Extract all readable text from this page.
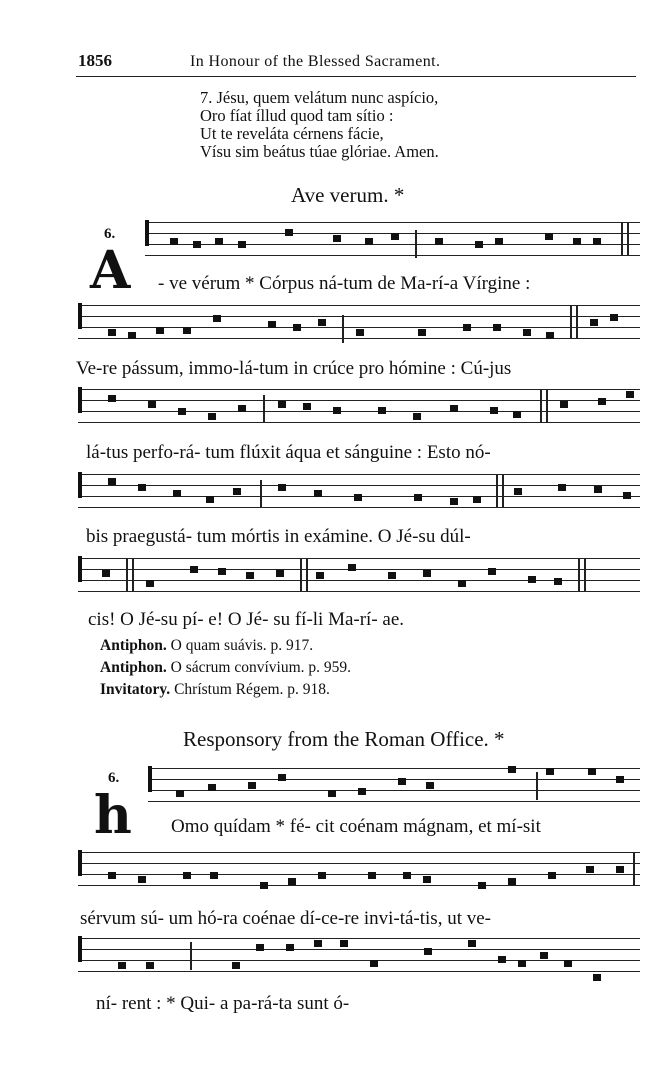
1856	In Honour of the Blessed Sacrament.
7. Jésu, quem velátum nunc aspício,
Oro fíat íllud quod tam sítio :
Ut te reveláta cérnens fácie,
Vísu sim beátus túae glóriae. Amen.
Ave verum. *
6.
A - ve vérum * Córpus ná-tum de Ma-rí-a Vírgine :
Ve-re pássum, immo-lá-tum in crúce pro hómine : Cú-jus
lá-tus perfo-rá- tum flúxit áqua et sánguine : Esto nó-
bis praegustá- tum mórtis in exámine. O Jé-su dúl-
cis! O Jé-su pí- e! O Jé- su fí-li Ma-rí- ae.
Antiphon. O quam suávis. p. 917.
Antiphon. O sácrum convívium. p. 959.
Invitatory. Chrístum Régem. p. 918.
Responsory from the Roman Office. *
6.
h Omo quídam * fé- cit coénam mágnam, et mí-sit
sérvum sú- um hó-ra coénae dí-ce-re invi-tá-tis, ut ve-
ní- rent : * Qui- a pa-rá-ta sunt ó-
